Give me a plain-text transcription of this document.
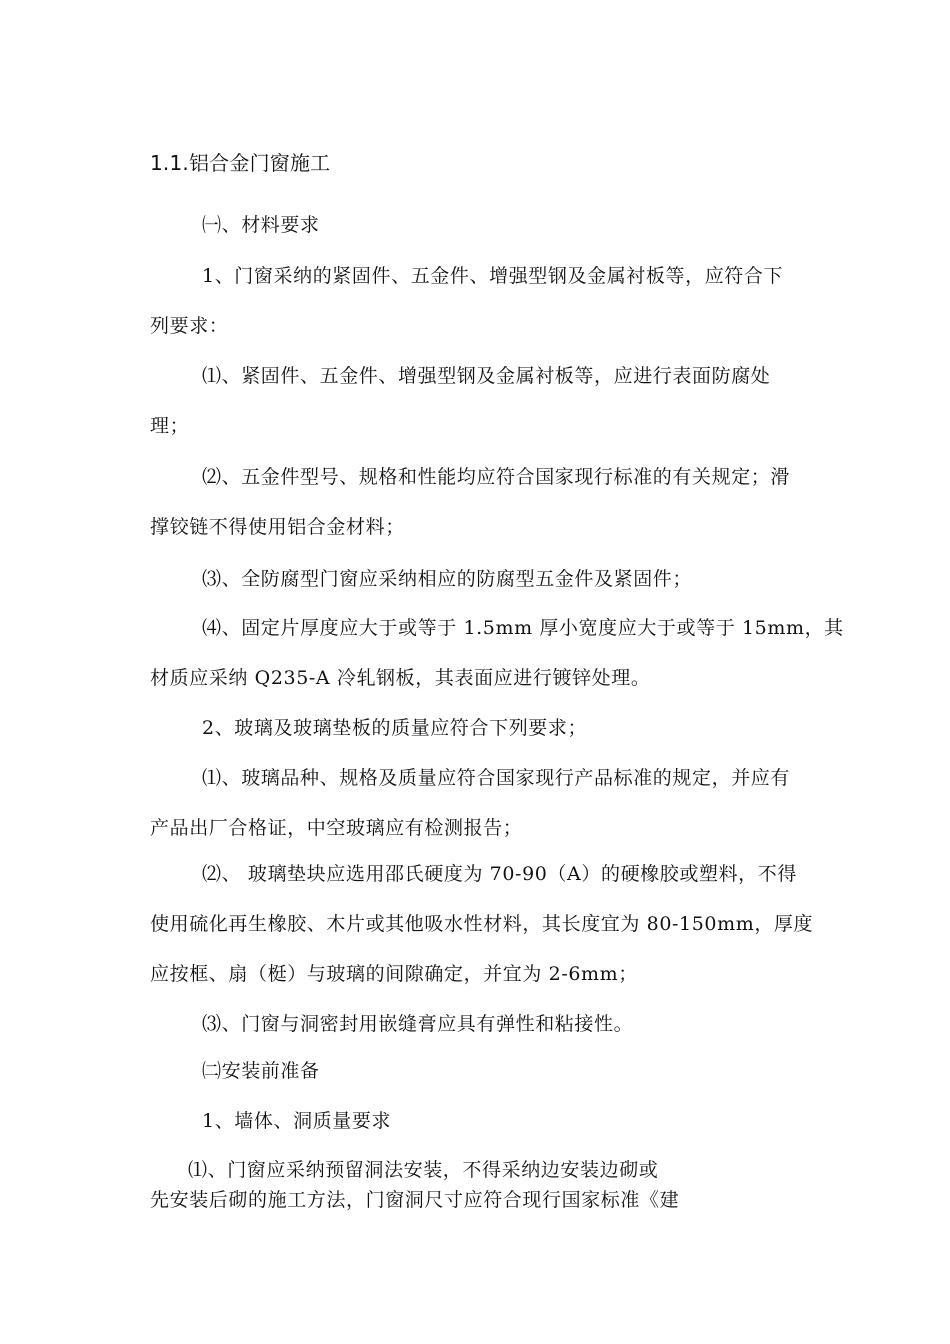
1.1.铝合金门窗施工
㈠、材料要求
1、门窗采纳的紧固件、五金件、增强型钢及金属衬板等，应符合下
列要求：
⑴、紧固件、五金件、增强型钢及金属衬板等，应进行表面防腐处
理；
⑵、五金件型号、规格和性能均应符合国家现行标准的有关规定；滑
撑铰链不得使用铝合金材料；
⑶、全防腐型门窗应采纳相应的防腐型五金件及紧固件；
⑷、固定片厚度应大于或等于 1.5mm 厚小宽度应大于或等于 15mm，其
材质应采纳 Q235-A 冷轧钢板，其表面应进行镀锌处理。
2、玻璃及玻璃垫板的质量应符合下列要求；
⑴、玻璃品种、规格及质量应符合国家现行产品标准的规定，并应有
产品出厂合格证，中空玻璃应有检测报告；
⑵、 玻璃垫块应选用邵氏硬度为 70-90（A）的硬橡胶或塑料，不得
使用硫化再生橡胶、木片或其他吸水性材料，其长度宜为 80-150mm，厚度
应按框、扇（梃）与玻璃的间隙确定，并宜为 2-6mm；
⑶、门窗与洞密封用嵌缝膏应具有弹性和粘接性。
㈡安装前准备
1、墙体、洞质量要求
⑴、门窗应采纳预留洞法安装，不得采纳边安装边砌或
先安装后砌的施工方法，门窗洞尺寸应符合现行国家标准《建
